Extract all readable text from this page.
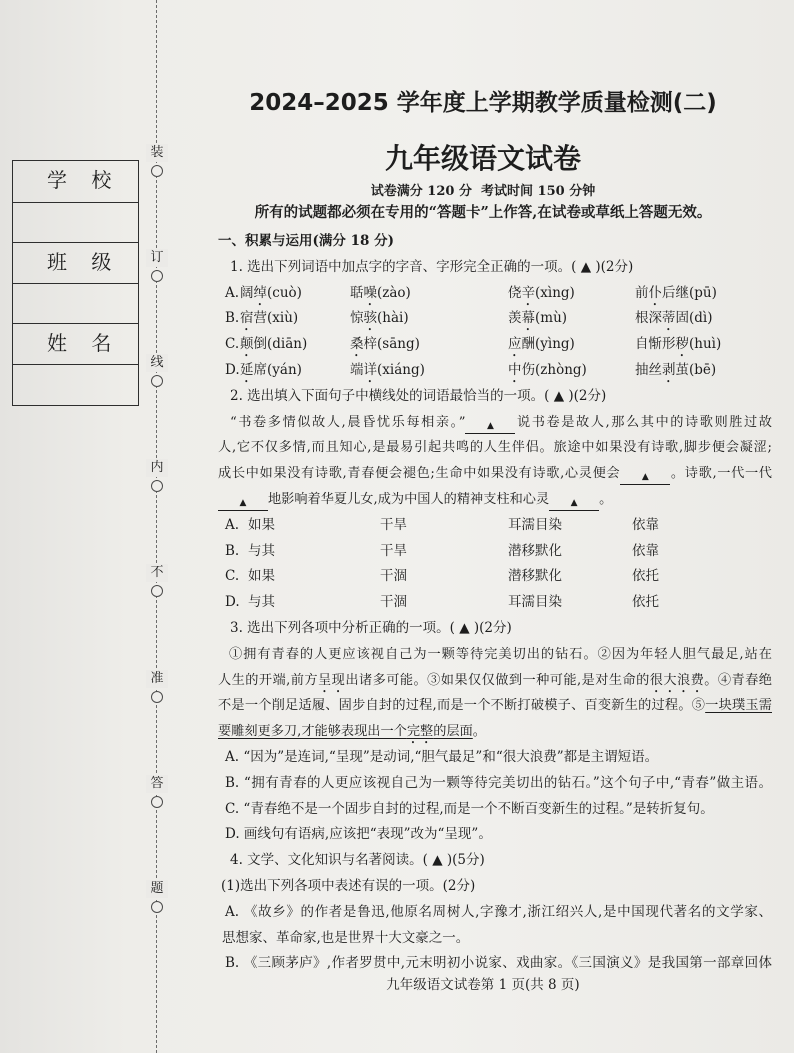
学 校
班 级
姓 名
2024–2025 学年度上学期教学质量检测(二)
九年级语文试卷
试卷满分 120 分  考试时间 150 分钟
所有的试题都必须在专用的“答题卡”上作答,在试卷或草纸上答题无效。
一、积累与运用(满分 18 分)
1. 选出下列词语中加点字的字音、字形完全正确的一项。( ▲ )(2分)
A. 阔绰(cuò)	聒噪(zào)	侥辛(xìng)	前仆后继(pū)
B. 宿营(xiù)	惊骇(hài)	羡幕(mù)	根深蒂固(dì)
C. 颠倒(diān)	桑梓(sāng)	应酬(yìng)	自惭形秽(huì)
D. 延席(yán)	端详(xiáng)	中伤(zhòng)	抽丝剥茧(bē)
2. 选出填入下面句子中横线处的词语最恰当的一项。( ▲ )(2分)
“书卷多情似故人,晨昏忧乐每相亲。” ▲ 说书卷是故人,那么其中的诗歌则胜过故
人,它不仅多情,而且知心,是最易引起共鸣的人生伴侣。旅途中如果没有诗歌,脚步便会凝涩;
成长中如果没有诗歌,青春便会褪色;生命中如果没有诗歌,心灵便会 ▲ 。诗歌,一代一代
▲ 地影响着华夏儿女,成为中国人的精神支柱和心灵 ▲ 。
A. 如果	干旱	耳濡目染	依靠
B. 与其	干旱	潜移默化	依靠
C. 如果	干涸	潜移默化	依托
D. 与其	干涸	耳濡目染	依托
3. 选出下列各项中分析正确的一项。( ▲ )(2分)
①拥有青春的人更应该视自己为一颗等待完美切出的钻石。②因为年轻人胆气最足,站在
人生的开端,前方呈现出诸多可能。③如果仅仅做到一种可能,是对生命的很大浪费。④青春绝
不是一个削足适履、固步自封的过程,而是一个不断打破模子、百变新生的过程。⑤一块璞玉需
要雕刻更多刀,才能够表现出一个完整的层面。
A. “因为”是连词,“呈现”是动词,“胆气最足”和“很大浪费”都是主谓短语。
B. “拥有青春的人更应该视自己为一颗等待完美切出的钻石。”这个句子中,“青春”做主语。
C. “青春绝不是一个固步自封的过程,而是一个不断百变新生的过程。”是转折复句。
D. 画线句有语病,应该把“表现”改为“呈现”。
4. 文学、文化知识与名著阅读。( ▲ )(5分)
(1)选出下列各项中表述有误的一项。(2分)
A. 《故乡》的作者是鲁迅,他原名周树人,字豫才,浙江绍兴人,是中国现代著名的文学家、
思想家、革命家,也是世界十大文豪之一。
B. 《三顾茅庐》,作者罗贯中,元末明初小说家、戏曲家。《三国演义》是我国第一部章回体
九年级语文试卷第 1 页(共 8 页)
装
订
线
内
不
准
答
题
